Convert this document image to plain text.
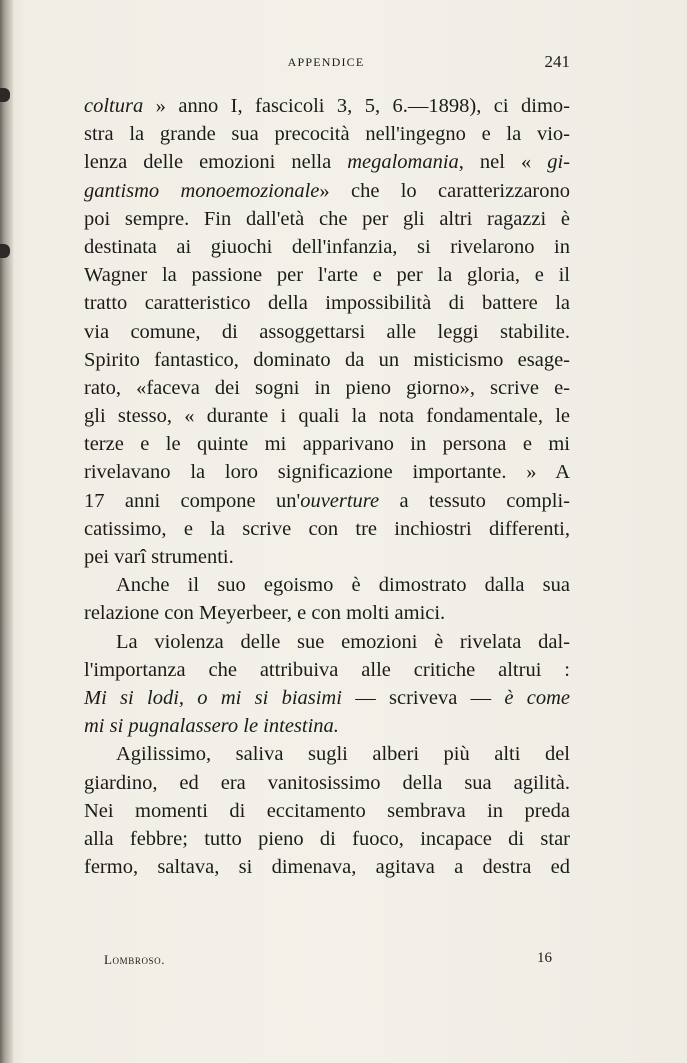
APPENDICE	241
coltura » anno I, fascicoli 3, 5, 6.—1898), ci dimo-
stra la grande sua precocità nell'ingegno e la vio-
lenza delle emozioni nella megalomania, nel « gi-
gantismo monoemozionale» che lo caratterizzarono
poi sempre. Fin dall'età che per gli altri ragazzi è
destinata ai giuochi dell'infanzia, si rivelarono in
Wagner la passione per l'arte e per la gloria, e il
tratto caratteristico della impossibilità di battere la
via comune, di assoggettarsi alle leggi stabilite.
Spirito fantastico, dominato da un misticismo esage-
rato, «faceva dei sogni in pieno giorno», scrive e-
gli stesso, « durante i quali la nota fondamentale, le
terze e le quinte mi apparivano in persona e mi
rivelavano la loro significazione importante. » A
17 anni compone un'ouverture a tessuto compli-
catissimo, e la scrive con tre inchiostri differenti,
pei varî strumenti.
Anche il suo egoismo è dimostrato dalla sua
relazione con Meyerbeer, e con molti amici.
La violenza delle sue emozioni è rivelata dal-
l'importanza che attribuiva alle critiche altrui :
Mi si lodi, o mi si biasimi — scriveva — è come
mi si pugnalassero le intestina.
Agilissimo, saliva sugli alberi più alti del
giardino, ed era vanitosissimo della sua agilità.
Nei momenti di eccitamento sembrava in preda
alla febbre; tutto pieno di fuoco, incapace di star
fermo, saltava, si dimenava, agitava a destra ed
Lombroso.	16
